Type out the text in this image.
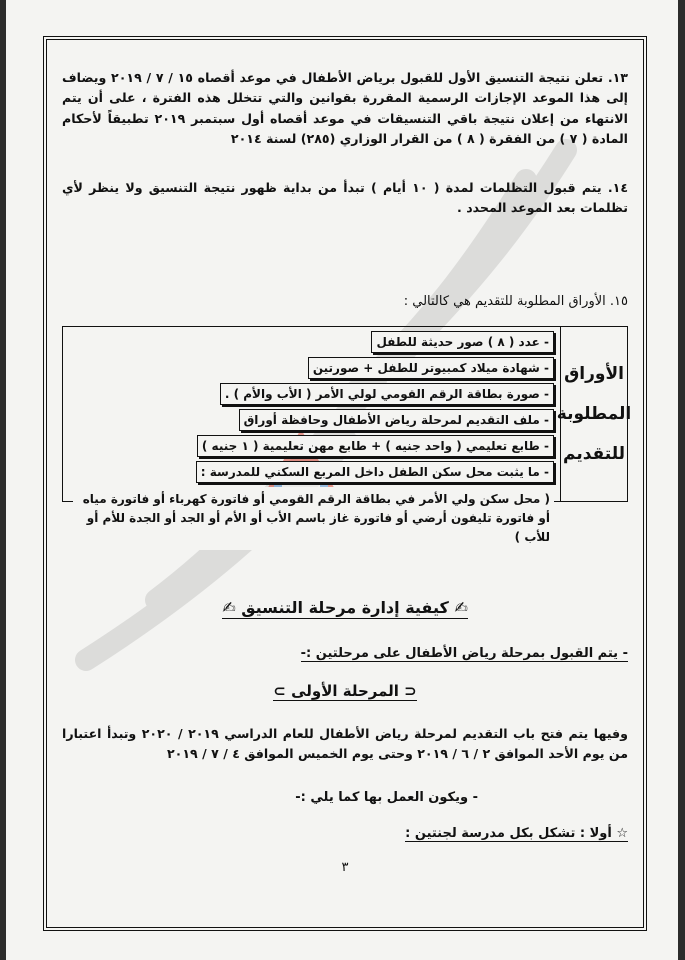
١٣. تعلن نتيجة التنسيق الأول للقبول برياض الأطفال في موعد أقصاه ١٥ / ٧ / ٢٠١٩ ويضاف إلى هذا الموعد الإجازات الرسمية المقررة بقوانين والتي تتخلل هذه الفترة ، على أن يتم الانتهاء من إعلان نتيجة باقي التنسيقات في موعد أقصاه أول سبتمبر ٢٠١٩ تطبيقاً لأحكام المادة ( ٧ ) من الفقرة ( ٨ ) من القرار الوزاري (٢٨٥) لسنة ٢٠١٤

١٤. يتم قبول التظلمات لمدة ( ١٠ أيام ) تبدأ من بداية ظهور نتيجة التنسيق ولا ينظر لأي تظلمات بعد الموعد المحدد .

١٥. الأوراق المطلوبة للتقديم هي كالتالي :

الأوراق
المطلوبة
للتقديم
- عدد ( ٨ ) صور حديثة للطفل
- شهادة ميلاد كمبيوتر للطفل + صورتين
- صورة بطاقة الرقم القومي لولي الأمر ( الأب والأم ) .
- ملف التقديم لمرحلة رياض الأطفال وحافظة أوراق
- طابع تعليمي ( واحد جنيه ) + طابع مهن تعليمية ( ١ جنيه )
- ما يثبت محل سكن الطفل داخل المربع السكني للمدرسة :
( محل سكن ولي الأمر في بطاقة الرقم القومي أو فاتورة كهرباء أو فاتورة مياه أو فاتورة تليفون أرضي أو فاتورة غاز باسم الأب أو الأم أو الجد أو الجدة للأم أو للأب )
✍ كيفية إدارة مرحلة التنسيق ✍
- يتم القبول بمرحلة رياض الأطفال على مرحلتين :-
⊂ المرحلة الأولى ⊃

وفيها يتم فتح باب التقديم لمرحلة رياض الأطفال للعام الدراسي ٢٠١٩ / ٢٠٢٠ وتبدأ اعتبارا من يوم الأحد الموافق ٢ / ٦ / ٢٠١٩ وحتى يوم الخميس الموافق ٤ / ٧ / ٢٠١٩

- ويكون العمل بها كما يلي :-
☆ أولا : تشكل بكل مدرسة لجنتين :
٣
